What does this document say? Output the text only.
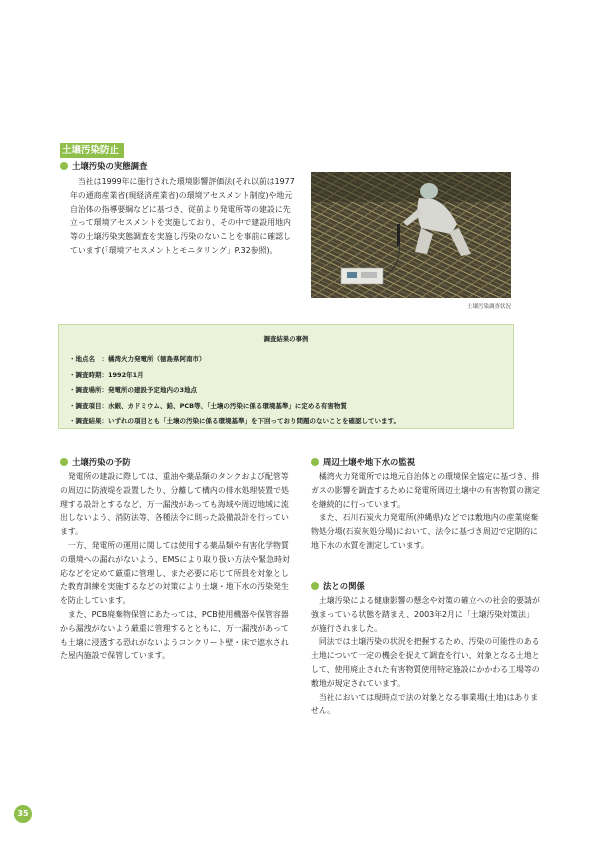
土壌汚染防止
土壌汚染の実態調査

当社は1999年に施行された環境影響評価法(それ以前は1977年の通商産業省(現経済産業省)の環境アセスメント制度)や地元自治体の指導要綱などに基づき、従前より発電所等の建設に先立って環境アセスメントを実施しており、その中で建設用地内等の土壌汚染実態調査を実施し汚染のないことを事前に確認しています(「環境アセスメントとモニタリング」P.32参照)。

土壌汚染調査状況
調査結果の事例
・地点名　：橘湾火力発電所（徳島県阿南市）
・調査時期：1992年1月
・調査場所：発電所の建設予定地内の3地点
・調査項目：水銀、カドミウム、鉛、PCB等、「土壌の汚染に係る環境基準」に定める有害物質
・調査結果：いずれの項目とも「土壌の汚染に係る環境基準」を下回っており問題のないことを確認しています。
土壌汚染の予防

発電所の建設に際しては、重油や薬品類のタンクおよび配管等の周辺に防液堤を設置したり、分離して構内の排水処理装置で処理する設計とするなど、万一漏洩があっても海域や周辺地域に流出しないよう、消防法等、各種法令に則った設備設計を行っています。

一方、発電所の運用に関しては使用する薬品類や有害化学物質の環境への漏れがないよう、EMSにより取り扱い方法や緊急時対応などを定めて厳重に管理し、また必要に応じて所員を対象とした教育訓練を実施するなどの対策により土壌・地下水の汚染発生を防止しています。

また、PCB廃棄物保管にあたっては、PCB使用機器や保管容器から漏洩がないよう厳重に管理するとともに、万一漏洩があっても土壌に浸透する恐れがないようコンクリート壁・床で遮水された屋内施設で保管しています。

周辺土壌や地下水の監視

橘湾火力発電所では地元自治体との環境保全協定に基づき、排ガスの影響を調査するために発電所周辺土壌中の有害物質の測定を継続的に行っています。

また、石川石炭火力発電所(沖縄県)などでは敷地内の産業廃棄物処分場(石炭灰処分場)において、法令に基づき周辺で定期的に地下水の水質を測定しています。

法との関係

土壌汚染による健康影響の懸念や対策の確立への社会的要請が強まっている状態を踏まえ、2003年2月に「土壌汚染対策法」が施行されました。

同法では土壌汚染の状況を把握するため、汚染の可能性のある土地について一定の機会を捉えて調査を行い、対象となる土地として、使用廃止された有害物質使用特定施設にかかわる工場等の敷地が規定されています。

当社においては現時点で法の対象となる事業場(土地)はありません。

35
